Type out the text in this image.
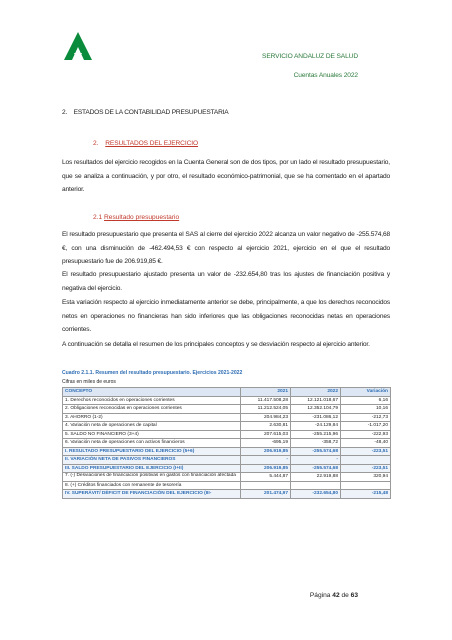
SERVICIO ANDALUZ DE SALUD
Cuentas Anuales 2022
2. ESTADOS DE LA CONTABILIDAD PRESUPUESTARIA
2. RESULTADOS DEL EJERCICIO
Los resultados del ejercicio recogidos en la Cuenta General son de dos tipos, por un lado el resultado presupuestario, que se analiza a continuación, y por otro, el resultado económico-patrimonial, que se ha comentado en el apartado anterior.
2.1 Resultado presupuestario
El resultado presupuestario que presenta el SAS al cierre del ejercicio 2022 alcanza un valor negativo de -255.574,68 €, con una disminución de -462.494,53 € con respecto al ejercicio 2021, ejercicio en el que el resultado presupuestario fue de 206.919,85 €.
El resultado presupuestario ajustado presenta un valor de -232.654,80 tras los ajustes de financiación positiva y negativa del ejercicio.
Esta variación respecto al ejercicio inmediatamente anterior se debe, principalmente, a que los derechos reconocidos netos en operaciones no financieras han sido inferiores que las obligaciones reconocidas netas en operaciones corrientes.
A continuación se detalla el resumen de los principales conceptos y se desviación respecto al ejercicio anterior.
Cuadro 2.1.1. Resumen del resultado presupuestario. Ejercicios 2021-2022
Cifras en miles de euros
CONCEPTO	2021	2022	Variación
1. Derechos reconocidos en operaciones corrientes	11.417.508,28	12.121.018,67	6,16
2. Obligaciones reconocidas en operaciones corrientes	11.212.524,05	12.352.104,79	10,16
3. AHORRO (1-2)	204.984,23	-231.086,12	-212,73
4. Variación neta de operaciones de capital	2.630,81	-24.129,84	-1.017,20
5. SALDO NO FINANCIERO (3+4)	207.615,03	-255.215,96	-222,93
6. Variación neta de operaciones con activos financieros	-695,19	-358,72	-48,40
I. RESULTADO PRESUPUESTARIO DEL EJERCICIO (5+6)	206.919,85	-255.574,68	-223,51
II. VARIACIÓN NETA DE PASIVOS FINANCIEROS	-	-	
III. SALDO PRESUPUESTARIO DEL EJERCICIO (I+II)	206.919,85	-255.574,68	-223,51
7. (-) Desviaciones de financiación positivas en gastos con financiación afectada	5.444,87	22.919,88	320,94
8. (+) Créditos financiados con remanente de tesorería			
IV. SUPERÁVIT/ DÉFICIT DE FINANCIACIÓN DEL EJERCICIO (III-	201.474,97	-232.654,80	-215,48
Página 42 de 63
